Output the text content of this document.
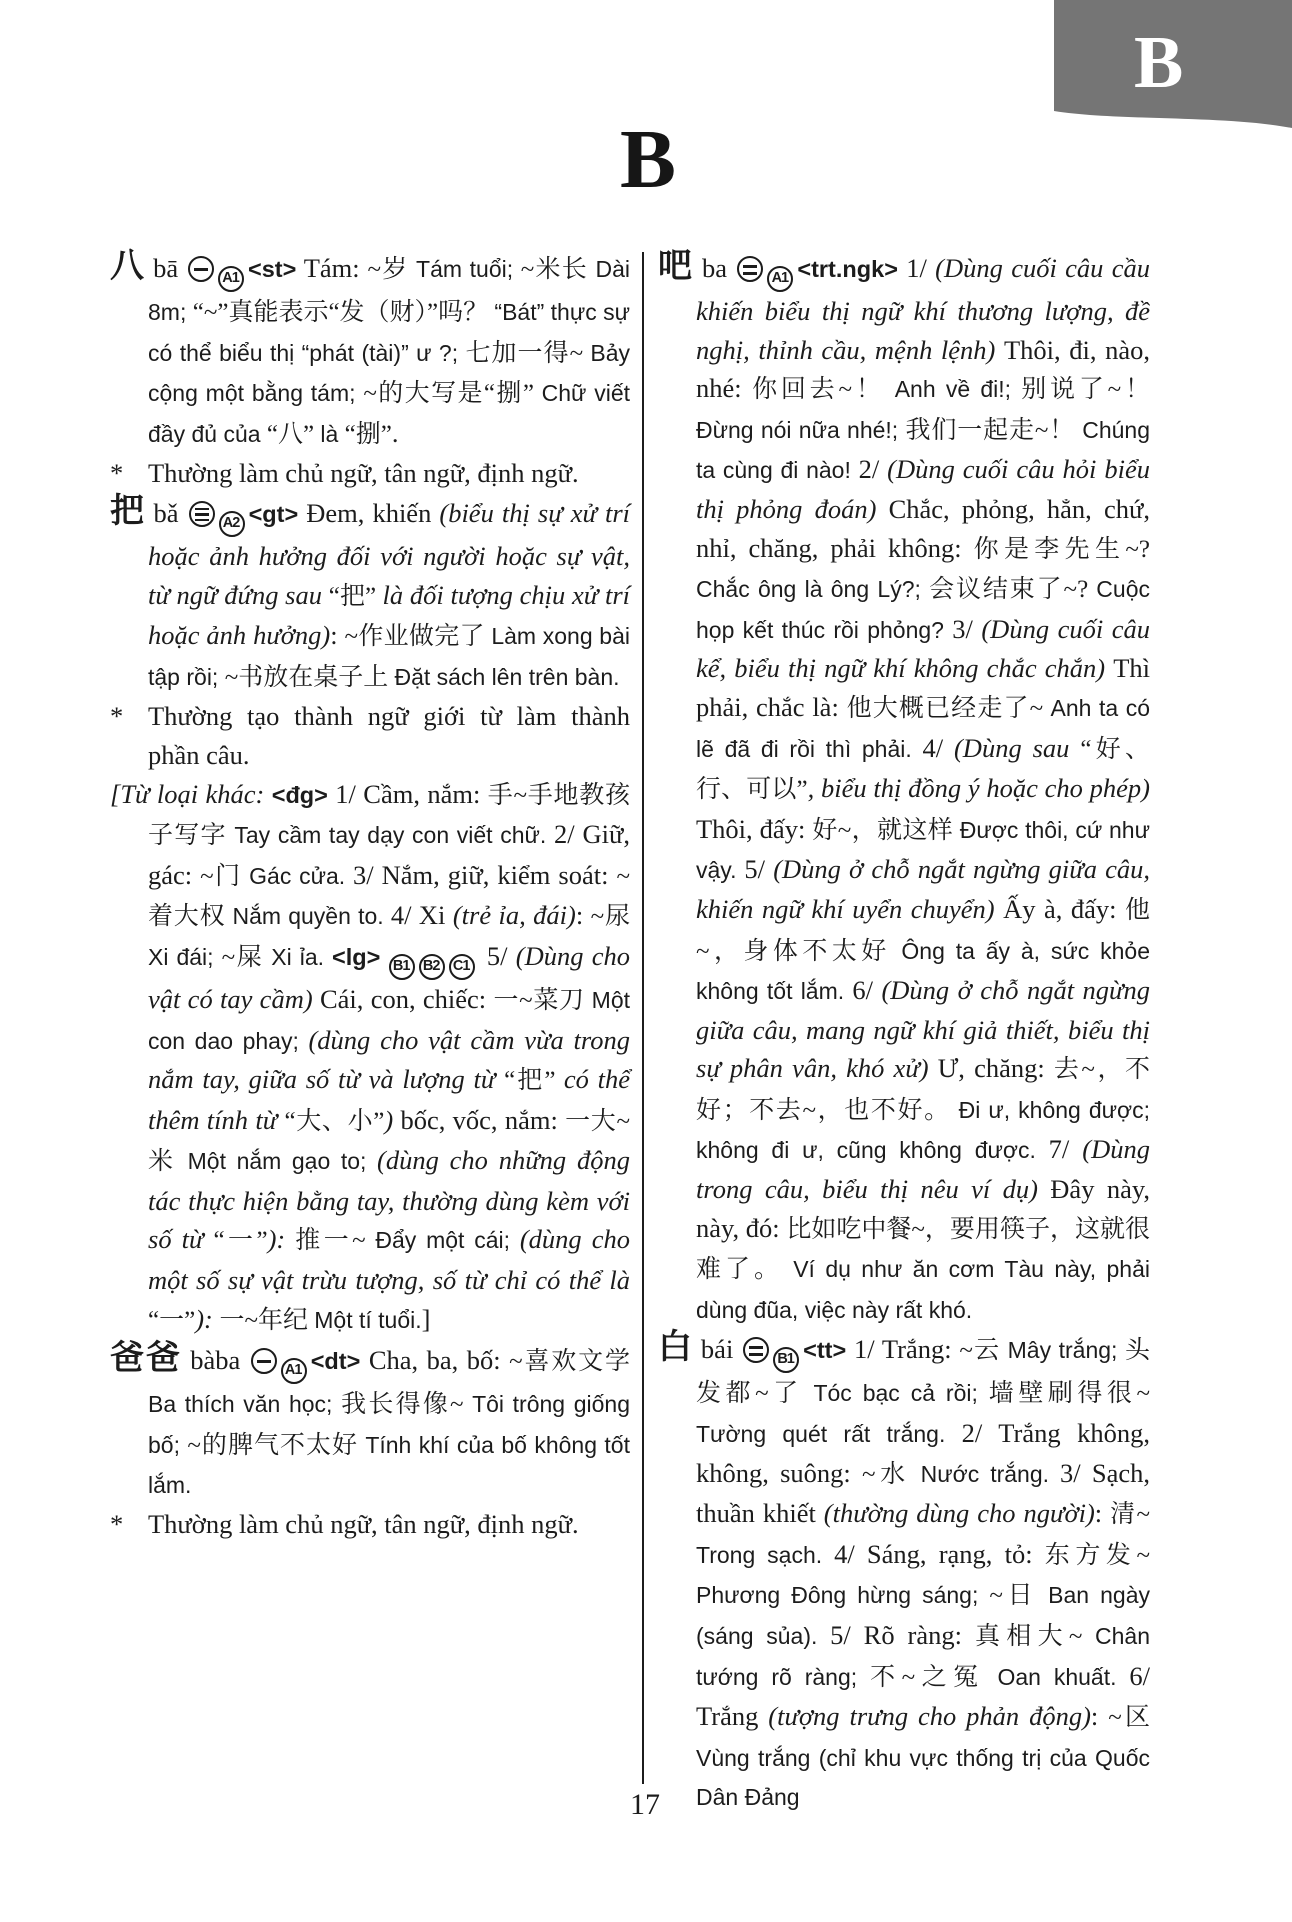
B
B
八 bā
A1 <st> Tám: ~岁 Tám tuổi; ~米长 Dài 8m; “~”真能表示“发（财）”吗？ “Bát” thực sự có thể biểu thị “phát (tài)” ư ?; 七加一得~ Bảy cộng một bằng tám; ~的大写是“捌” Chữ viết đầy đủ của “八” là “捌”.
* Thường làm chủ ngữ, tân ngữ, định ngữ.
把 bǎ
A2 <gt> Đem, khiến (biểu thị sự xử trí hoặc ảnh hưởng đối với người hoặc sự vật, từ ngữ đứng sau “把” là đối tượng chịu xử trí hoặc ảnh hưởng): ~作业做完了 Làm xong bài tập rồi; ~书放在桌子上 Đặt sách lên trên bàn.
* Thường tạo thành ngữ giới từ làm thành phần câu.
[Từ loại khác: <đg> 1/ Cầm, nắm: 手~手地教孩子写字 Tay cầm tay dạy con viết chữ. 2/ Giữ, gác: ~门 Gác cửa. 3/ Nắm, giữ, kiểm soát: ~着大权 Nắm quyền to. 4/ Xi (trẻ ỉa, đái): ~尿 Xi đái; ~屎 Xi ỉa. <lg> B1 B2 C1 5/ (Dùng cho vật có tay cầm) Cái, con, chiếc: 一~菜刀 Một con dao phay; (dùng cho vật cầm vừa trong nắm tay, giữa số từ và lượng từ “把” có thể thêm tính từ “大、小”) bốc, vốc, nắm: 一大~米 Một nắm gạo to; (dùng cho những động tác thực hiện bằng tay, thường dùng kèm với số từ “一”): 推一~ Đẩy một cái; (dùng cho một số sự vật trừu tượng, số từ chỉ có thể là “一”): 一~年纪 Một tí tuổi.]
爸爸 bàba
A1 <dt> Cha, ba, bố: ~喜欢文学 Ba thích văn học; 我长得像~ Tôi trông giống bố; ~的脾气不太好 Tính khí của bố không tốt lắm.
* Thường làm chủ ngữ, tân ngữ, định ngữ.
吧 ba
A1 <trt.ngk> 1/ (Dùng cuối câu cầu khiến biểu thị ngữ khí thương lượng, đề nghị, thỉnh cầu, mệnh lệnh) Thôi, đi, nào, nhé: 你回去~！ Anh về đi!; 别说了~！ Đừng nói nữa nhé!; 我们一起走~！ Chúng ta cùng đi nào! 2/ (Dùng cuối câu hỏi biểu thị phỏng đoán) Chắc, phỏng, hẳn, chứ, nhỉ, chăng, phải không: 你是李先生~? Chắc ông là ông Lý?; 会议结束了~? Cuộc họp kết thúc rồi phỏng? 3/ (Dùng cuối câu kể, biểu thị ngữ khí không chắc chắn) Thì phải, chắc là: 他大概已经走了~ Anh ta có lẽ đã đi rồi thì phải. 4/ (Dùng sau “好、行、可以”, biểu thị đồng ý hoặc cho phép) Thôi, đấy: 好~，就这样 Được thôi, cứ như vậy. 5/ (Dùng ở chỗ ngắt ngừng giữa câu, khiến ngữ khí uyển chuyển) Ấy à, đấy: 他~，身体不太好 Ông ta ấy à, sức khỏe không tốt lắm. 6/ (Dùng ở chỗ ngắt ngừng giữa câu, mang ngữ khí giả thiết, biểu thị sự phân vân, khó xử) Ư, chăng: 去~，不好；不去~，也不好。 Đi ư, không được; không đi ư, cũng không được. 7/ (Dùng trong câu, biểu thị nêu ví dụ) Đây này, này, đó: 比如吃中餐~，要用筷子，这就很难了。 Ví dụ như ăn cơm Tàu này, phải dùng đũa, việc này rất khó.
白 bái
B1 <tt> 1/ Trắng: ~云 Mây trắng; 头发都~了 Tóc bạc cả rồi; 墙壁刷得很~ Tường quét rất trắng. 2/ Trắng không, không, suông: ~水 Nước trắng. 3/ Sạch, thuần khiết (thường dùng cho người): 清~ Trong sạch. 4/ Sáng, rạng, tỏ: 东方发~ Phương Đông hừng sáng; ~日 Ban ngày (sáng sủa). 5/ Rõ ràng: 真相大~ Chân tướng rõ ràng; 不~之冤 Oan khuất. 6/ Trắng (tượng trưng cho phản động): ~区 Vùng trắng (chỉ khu vực thống trị của Quốc Dân Đảng
17
